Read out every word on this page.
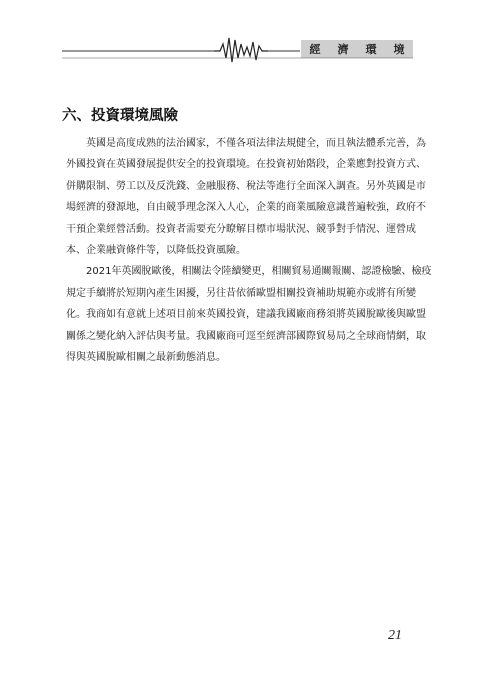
經 濟 環 境
六、投資環境風險

英國是高度成熟的法治國家，不僅各項法律法規健全，而且執法體系完善，為
外國投資在英國發展提供安全的投資環境。在投資初始階段，企業應對投資方式、
併購限制、勞工以及反洗錢、金融服務、稅法等進行全面深入調查。另外英國是市
場經濟的發源地，自由競爭理念深入人心，企業的商業風險意識普遍較強，政府不
干預企業經營活動。投資者需要充分瞭解目標市場狀況、競爭對手情況、運營成
本、企業融資條件等，以降低投資風險。

2021年英國脫歐後，相關法令陸續變更，相關貿易通關報關、認證檢驗、檢疫
規定手續將於短期內產生困擾，另往昔依循歐盟相關投資補助規範亦或將有所變
化。我商如有意就上述項目前來英國投資，建議我國廠商務須將英國脫歐後與歐盟
關係之變化納入評估與考量。我國廠商可逕至經濟部國際貿易局之全球商情網，取
得與英國脫歐相關之最新動態消息。

21
